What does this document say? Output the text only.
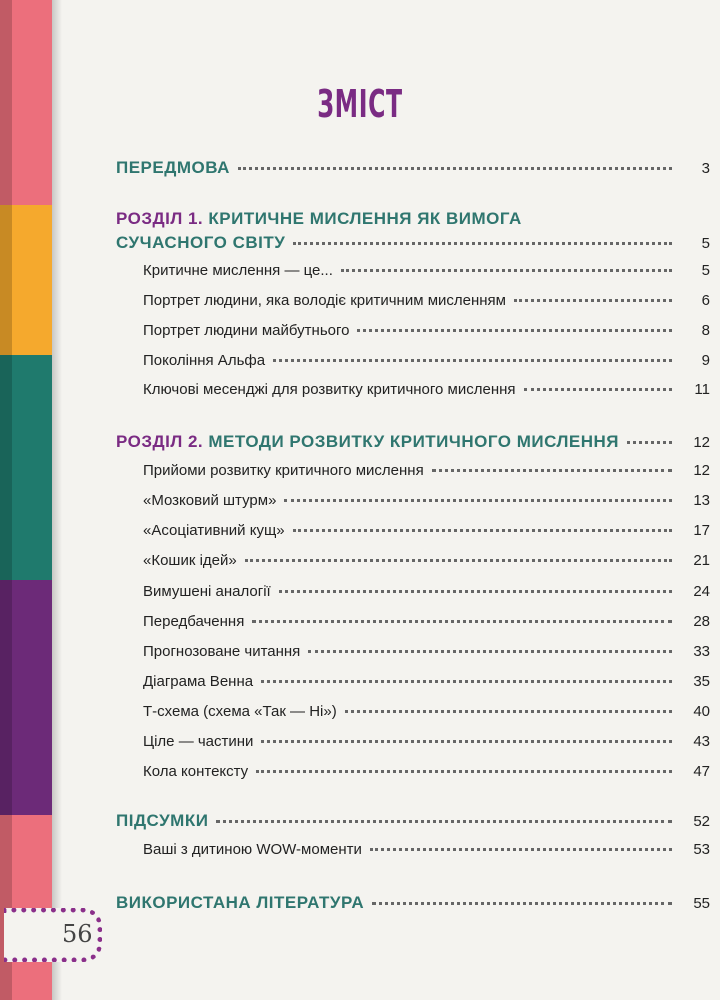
ЗМІСТ
ПЕРЕДМОВА	3
РОЗДІЛ 1. КРИТИЧНЕ МИСЛЕННЯ ЯК ВИМОГА
СУЧАСНОГО СВІТУ	5
Критичне мислення — це...	5
Портрет людини, яка володіє критичним мисленням	6
Портрет людини майбутнього	8
Покоління Альфа	9
Ключові месенджі для розвитку критичного мислення	11
РОЗДІЛ 2. МЕТОДИ РОЗВИТКУ КРИТИЧНОГО МИСЛЕННЯ	12
Прийоми розвитку критичного мислення	12
«Мозковий штурм»	13
«Асоціативний кущ»	17
«Кошик ідей»	21
Вимушені аналогії	24
Передбачення	28
Прогнозоване читання	33
Діаграма Венна	35
Т-схема (схема «Так — Ні»)	40
Ціле — частини	43
Кола контексту	47
ПІДСУМКИ	52
Ваші з дитиною WOW-моменти	53
ВИКОРИСТАНА ЛІТЕРАТУРА	55
56
